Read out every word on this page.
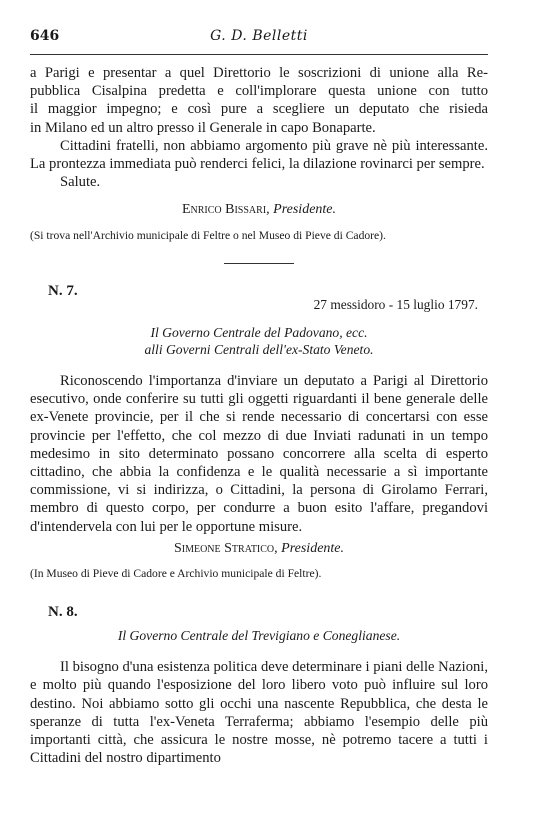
646	G. D. Belletti

a Parigi e presentar a quel Direttorio le soscrizioni di unione alla Re-

pubblica Cisalpina predetta e coll'implorare questa unione con tutto

il maggior impegno; e così pure a scegliere un deputato che risieda

in Milano ed un altro presso il Generale in capo Bonaparte.

Cittadini fratelli, non abbiamo argomento più grave nè più interessante. La prontezza immediata può renderci felici, la dilazione rovinarci per sempre.

Salute.

Enrico Bissari, Presidente.
(Si trova nell'Archivio municipale di Feltre o nel Museo di Pieve di Cadore).
N. 7.
27 messidoro - 15 luglio 1797.
Il Governo Centrale del Padovano, ecc.
alli Governi Centrali dell'ex-Stato Veneto.

Riconoscendo l'importanza d'inviare un deputato a Parigi al Direttorio esecutivo, onde conferire su tutti gli oggetti riguardanti il bene generale delle ex-Venete provincie, per il che si rende necessario di concertarsi con esse provincie per l'effetto, che col mezzo di due Inviati radunati in un tempo medesimo in sito determinato possano concorrere alla scelta di esperto cittadino, che abbia la confidenza e le qualità necessarie a sì importante commissione, vi si indirizza, o Cittadini, la persona di Girolamo Ferrari, membro di questo corpo, per condurre a buon esito l'affare, pregandovi d'intendervela con lui per le opportune misure.

Simeone Stratico, Presidente.
(In Museo di Pieve di Cadore e Archivio municipale di Feltre).
N. 8.
Il Governo Centrale del Trevigiano e Coneglianese.

Il bisogno d'una esistenza politica deve determinare i piani delle Nazioni, e molto più quando l'esposizione del loro libero voto può influire sul loro destino. Noi abbiamo sotto gli occhi una nascente Repubblica, che desta le speranze di tutta l'ex-Veneta Terraferma; abbiamo l'esempio delle più importanti città, che assicura le nostre mosse, nè potremo tacere a tutti i Cittadini del nostro dipartimento
